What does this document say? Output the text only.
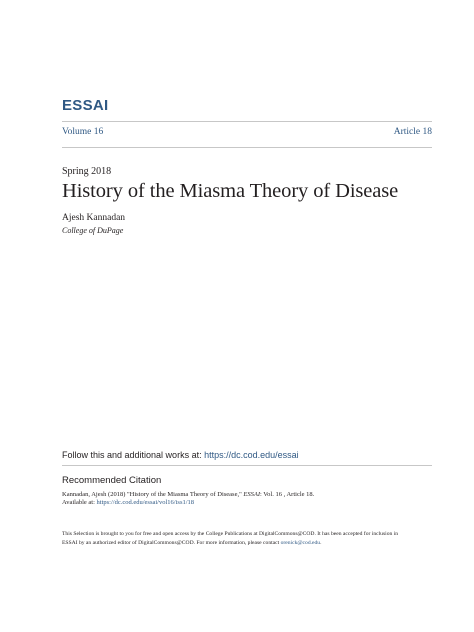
ESSAI
Volume 16	Article 18
Spring 2018
History of the Miasma Theory of Disease
Ajesh Kannadan
College of DuPage
Follow this and additional works at: https://dc.cod.edu/essai
Recommended Citation
Kannadan, Ajesh (2018) "History of the Miasma Theory of Disease," ESSAI: Vol. 16 , Article 18.
Available at: https://dc.cod.edu/essai/vol16/iss1/18

This Selection is brought to you for free and open access by the College Publications at DigitalCommons@COD. It has been accepted for inclusion in

ESSAI by an authorized editor of DigitalCommons@COD. For more information, please contact orenick@cod.edu.
